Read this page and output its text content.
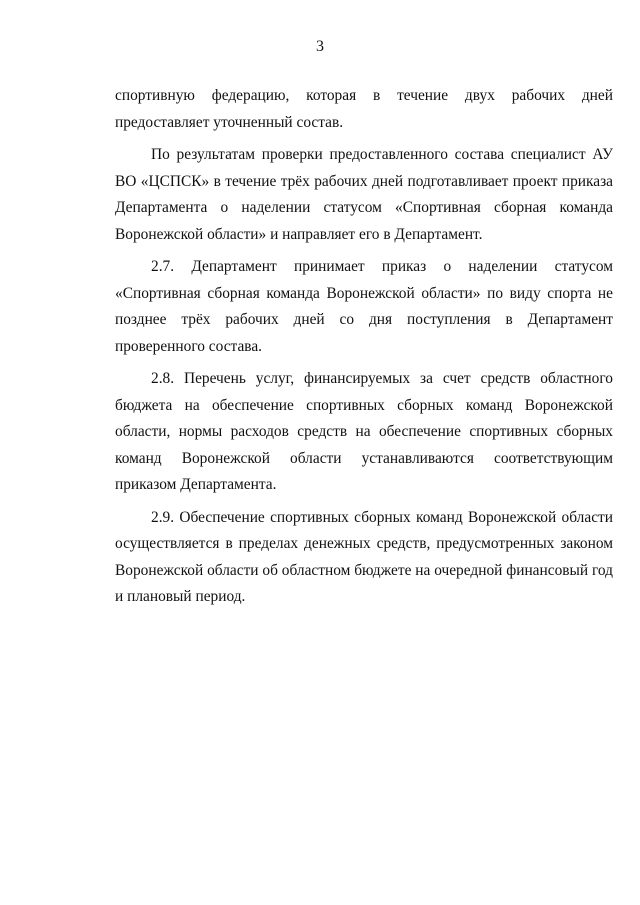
3

спортивную федерацию, которая в течение двух рабочих дней предоставляет уточненный состав.

По результатам проверки предоставленного состава специалист АУ ВО «ЦСПСК» в течение трёх рабочих дней подготавливает проект приказа Департамента о наделении статусом «Спортивная сборная команда Воронежской области» и направляет его в Департамент.

2.7. Департамент принимает приказ о наделении статусом «Спортивная сборная команда Воронежской области» по виду спорта не позднее трёх рабочих дней со дня поступления в Департамент проверенного состава.

2.8. Перечень услуг, финансируемых за счет средств областного бюджета на обеспечение спортивных сборных команд Воронежской области, нормы расходов средств на обеспечение спортивных сборных команд Воронежской области устанавливаются соответствующим приказом Департамента.

2.9. Обеспечение спортивных сборных команд Воронежской области осуществляется в пределах денежных средств, предусмотренных законом Воронежской области об областном бюджете на очередной финансовый год и плановый период.
